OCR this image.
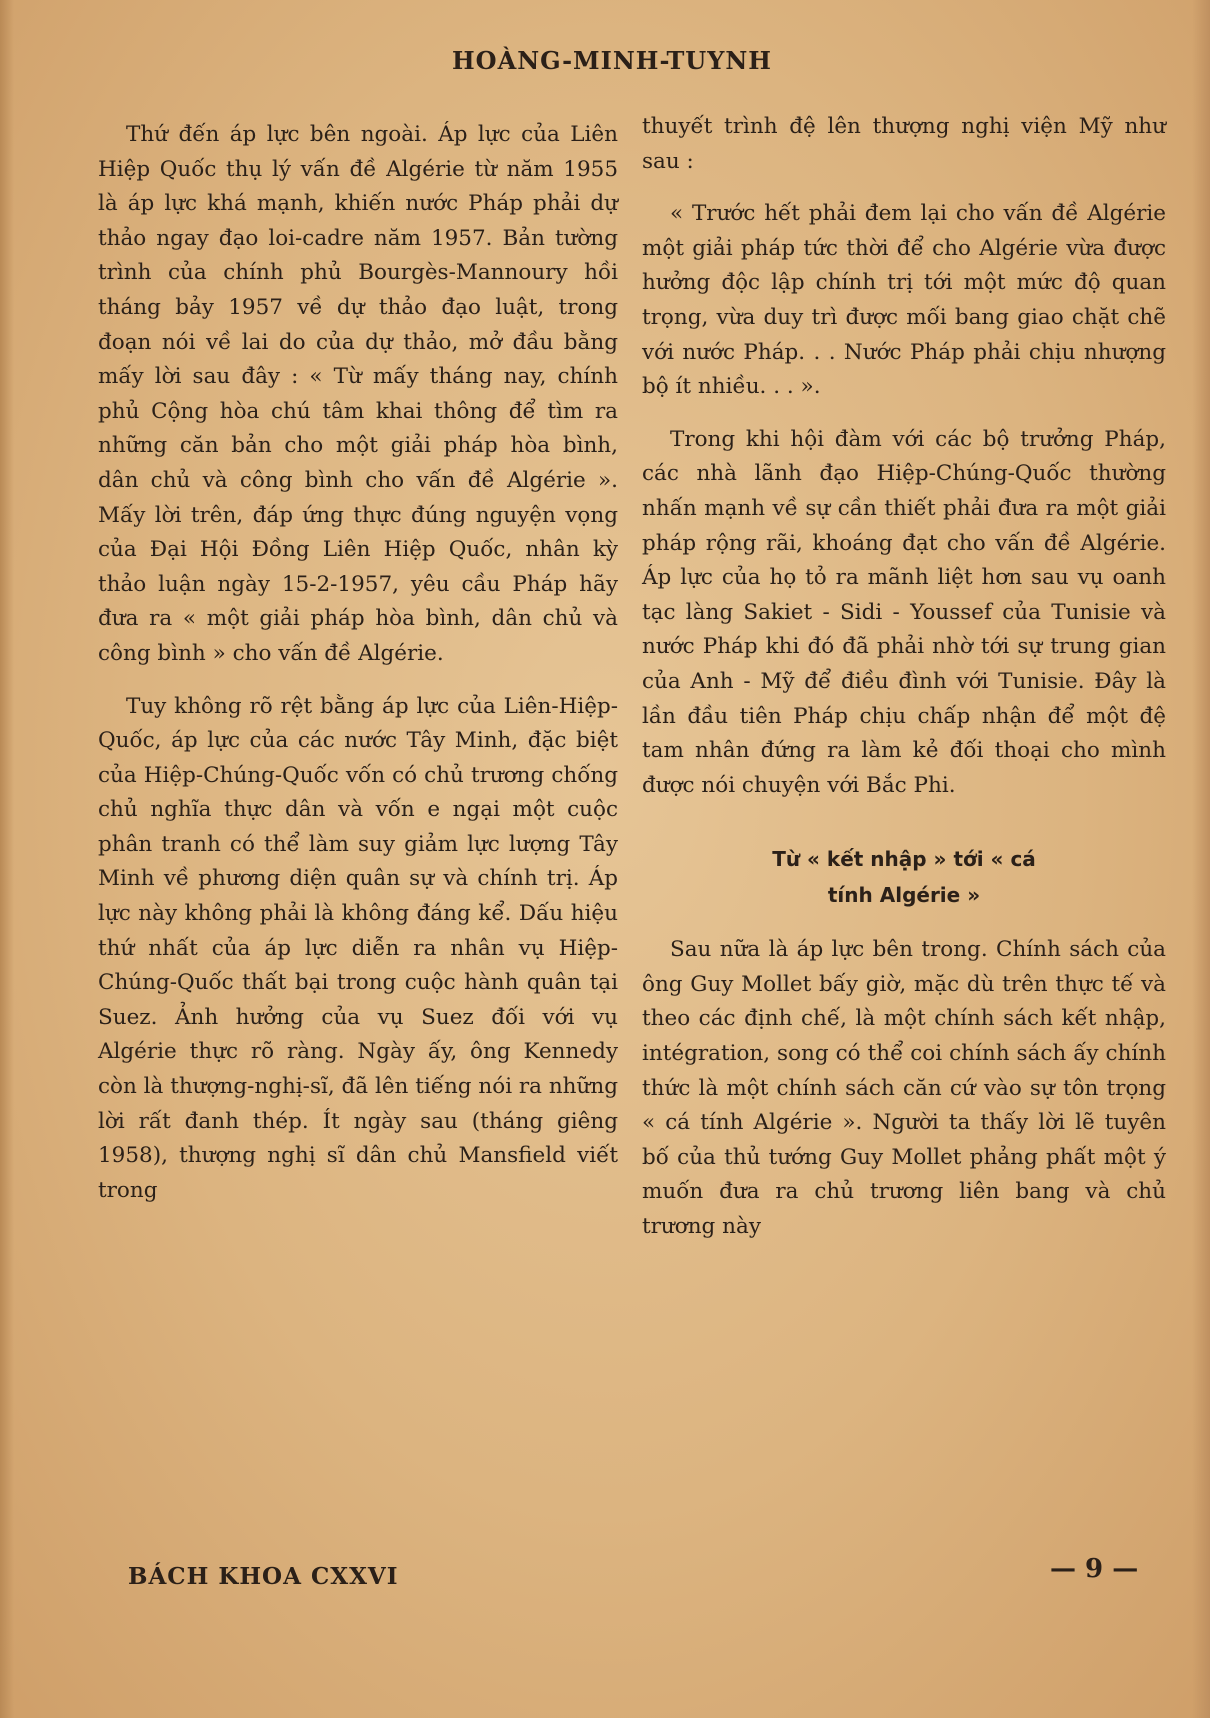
HOÀNG-MINH-TUYNH

Thứ đến áp lực bên ngoài. Áp lực của Liên Hiệp Quốc thụ lý vấn đề Algérie từ năm 1955 là áp lực khá mạnh, khiến nước Pháp phải dự thảo ngay đạo loi-cadre năm 1957. Bản tường trình của chính phủ Bourgès-Mannoury hồi tháng bảy 1957 về dự thảo đạo luật, trong đoạn nói về lai do của dự thảo, mở đầu bằng mấy lời sau đây : « Từ mấy tháng nay, chính phủ Cộng hòa chú tâm khai thông để tìm ra những căn bản cho một giải pháp hòa bình, dân chủ và công bình cho vấn đề Algérie ». Mấy lời trên, đáp ứng thực đúng nguyện vọng của Đại Hội Đồng Liên Hiệp Quốc, nhân kỳ thảo luận ngày 15-2-1957, yêu cầu Pháp hãy đưa ra « một giải pháp hòa bình, dân chủ và công bình » cho vấn đề Algérie.

Tuy không rõ rệt bằng áp lực của Liên-Hiệp-Quốc, áp lực của các nước Tây Minh, đặc biệt của Hiệp-Chúng-Quốc vốn có chủ trương chống chủ nghĩa thực dân và vốn e ngại một cuộc phân tranh có thể làm suy giảm lực lượng Tây Minh về phương diện quân sự và chính trị. Áp lực này không phải là không đáng kể. Dấu hiệu thứ nhất của áp lực diễn ra nhân vụ Hiệp-Chúng-Quốc thất bại trong cuộc hành quân tại Suez. Ảnh hưởng của vụ Suez đối với vụ Algérie thực rõ ràng. Ngày ấy, ông Kennedy còn là thượng-nghị-sĩ, đã lên tiếng nói ra những lời rất đanh thép. Ít ngày sau (tháng giêng 1958), thượng nghị sĩ dân chủ Mansfield viết trong

thuyết trình đệ lên thượng nghị viện Mỹ như sau :

« Trước hết phải đem lại cho vấn đề Algérie một giải pháp tức thời để cho Algérie vừa được hưởng độc lập chính trị tới một mức độ quan trọng, vừa duy trì được mối bang giao chặt chẽ với nước Pháp. . . Nước Pháp phải chịu nhượng bộ ít nhiều. . . ».

Trong khi hội đàm với các bộ trưởng Pháp, các nhà lãnh đạo Hiệp-Chúng-Quốc thường nhấn mạnh về sự cần thiết phải đưa ra một giải pháp rộng rãi, khoáng đạt cho vấn đề Algérie. Áp lực của họ tỏ ra mãnh liệt hơn sau vụ oanh tạc làng Sakiet - Sidi - Youssef của Tunisie và nước Pháp khi đó đã phải nhờ tới sự trung gian của Anh - Mỹ để điều đình với Tunisie. Đây là lần đầu tiên Pháp chịu chấp nhận để một đệ tam nhân đứng ra làm kẻ đối thoại cho mình được nói chuyện với Bắc Phi.

Từ « kết nhập » tới « cá
tính Algérie »

Sau nữa là áp lực bên trong. Chính sách của ông Guy Mollet bấy giờ, mặc dù trên thực tế và theo các định chế, là một chính sách kết nhập, intégration, song có thể coi chính sách ấy chính thức là một chính sách căn cứ vào sự tôn trọng « cá tính Algérie ». Người ta thấy lời lẽ tuyên bố của thủ tướng Guy Mollet phảng phất một ý muốn đưa ra chủ trương liên bang và chủ trương này

BÁCH KHOA CXXVI	— 9 —
